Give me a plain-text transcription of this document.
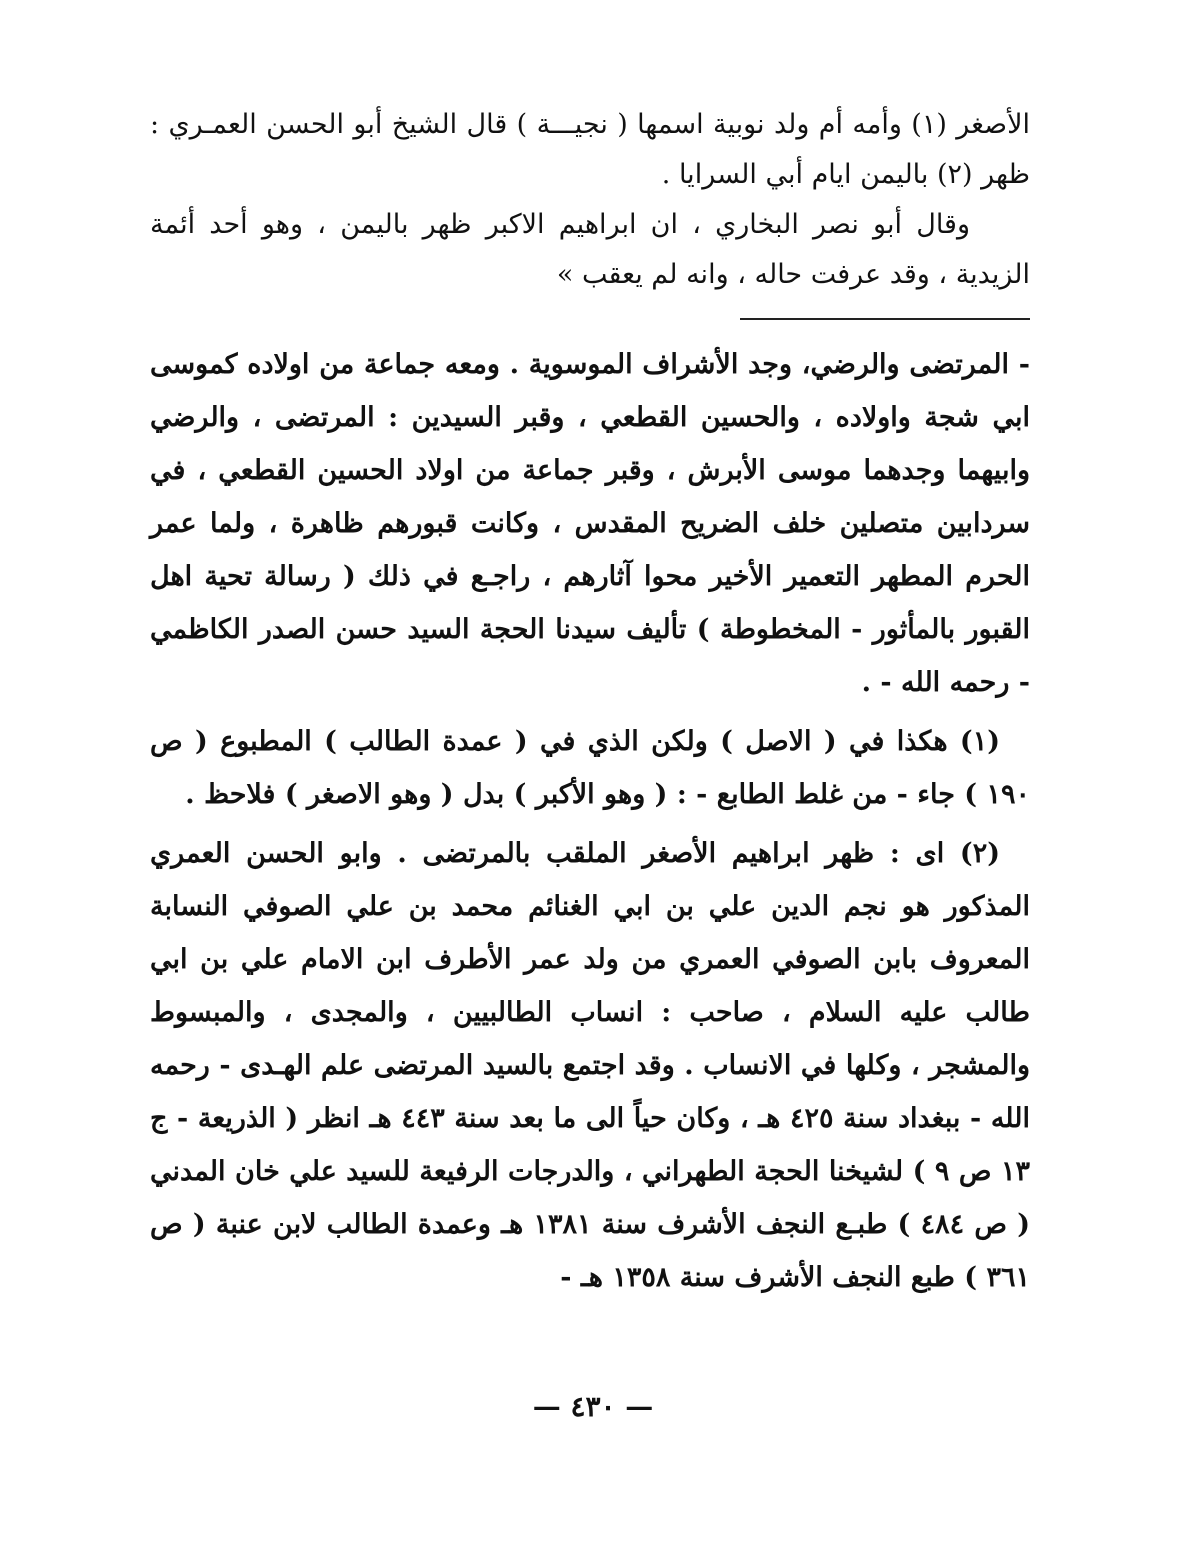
الأصغر (١) وأمه أم ولد نوبية اسمها ( نجيـــة ) قال الشيخ أبو الحسن العمـري : ظهر (٢) باليمن ايام أبي السرايا .

وقال أبو نصر البخاري ، ان ابراهيم الاكبر ظهر باليمن ، وهو أحد أئمة الزيدية ، وقد عرفت حاله ، وانه لم يعقب »

- المرتضى والرضي، وجد الأشراف الموسوية . ومعه جماعة من اولاده كموسى ابي شجة واولاده ، والحسين القطعي ، وقبر السيدين : المرتضى ، والرضي وابيهما وجدهما موسى الأبرش ، وقبر جماعة من اولاد الحسين القطعي ، في سردابين متصلين خلف الضريح المقدس ، وكانت قبورهم ظاهرة ، ولما عمر الحرم المطهر التعمير الأخير محوا آثارهم ، راجـع في ذلك ( رسالة تحية اهل القبور بالمأثور - المخطوطة ) تأليف سيدنا الحجة السيد حسن الصدر الكاظمي - رحمه الله - .

(١) هكذا في ( الاصل ) ولكن الذي في ( عمدة الطالب ) المطبوع ( ص ١٩٠ ) جاء - من غلط الطابع - : ( وهو الأكبر ) بدل ( وهو الاصغر ) فلاحظ .

(٢) اى : ظهر ابراهيم الأصغر الملقب بالمرتضى . وابو الحسن العمري المذكور هو نجم الدين علي بن ابي الغنائم محمد بن علي الصوفي النسابة المعروف بابن الصوفي العمري من ولد عمر الأطرف ابن الامام علي بن ابي طالب عليه السلام ، صاحب : انساب الطالبيين ، والمجدى ، والمبسوط والمشجر ، وكلها في الانساب . وقد اجتمع بالسيد المرتضى علم الهـدى - رحمه الله - ببغداد سنة ٤٢٥ هـ ، وكان حياً الى ما بعد سنة ٤٤٣ هـ انظر ( الذريعة - ج ١٣ ص ٩ ) لشيخنا الحجة الطهراني ، والدرجات الرفيعة للسيد علي خان المدني ( ص ٤٨٤ ) طبـع النجف الأشرف سنة ١٣٨١ هـ وعمدة الطالب لابن عنبة ( ص ٣٦١ ) طبع النجف الأشرف سنة ١٣٥٨ هـ -

— ٤٣٠ —
